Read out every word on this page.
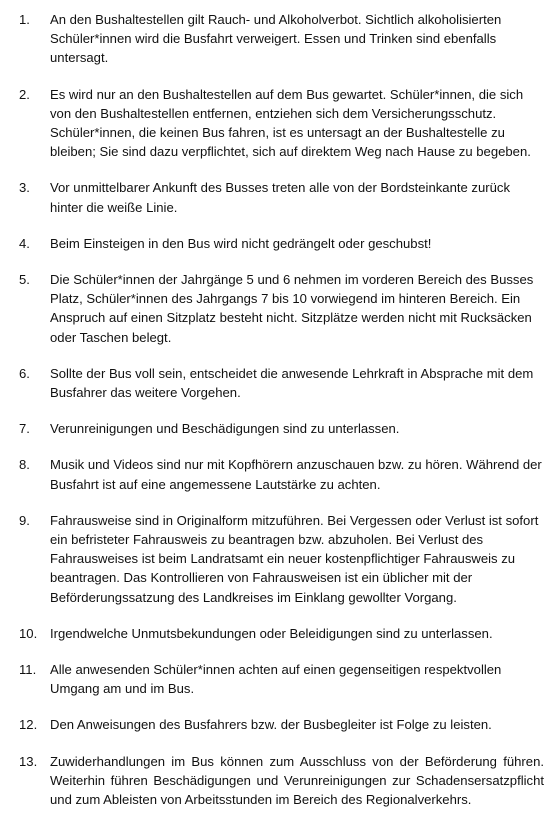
1. An den Bushaltestellen gilt Rauch- und Alkoholverbot. Sichtlich alkoholisierten Schüler*innen wird die Busfahrt verweigert. Essen und Trinken sind ebenfalls untersagt.
2. Es wird nur an den Bushaltestellen auf dem Bus gewartet. Schüler*innen, die sich von den Bushaltestellen entfernen, entziehen sich dem Versicherungsschutz. Schüler*innen, die keinen Bus fahren, ist es untersagt an der Bushaltestelle zu bleiben; Sie sind dazu verpflichtet, sich auf direktem Weg nach Hause zu begeben.
3. Vor unmittelbarer Ankunft des Busses treten alle von der Bordsteinkante zurück hinter die weiße Linie.
4. Beim Einsteigen in den Bus wird nicht gedrängelt oder geschubst!
5. Die Schüler*innen der Jahrgänge 5 und 6 nehmen im vorderen Bereich des Busses Platz, Schüler*innen des Jahrgangs 7 bis 10 vorwiegend im hinteren Bereich. Ein Anspruch auf einen Sitzplatz besteht nicht. Sitzplätze werden nicht mit Rucksäcken oder Taschen belegt.
6. Sollte der Bus voll sein, entscheidet die anwesende Lehrkraft in Absprache mit dem Busfahrer das weitere Vorgehen.
7. Verunreinigungen und Beschädigungen sind zu unterlassen.
8. Musik und Videos sind nur mit Kopfhörern anzuschauen bzw. zu hören. Während der Busfahrt ist auf eine angemessene Lautstärke zu achten.
9. Fahrausweise sind in Originalform mitzuführen. Bei Vergessen oder Verlust ist sofort ein befristeter Fahrausweis zu beantragen bzw. abzuholen. Bei Verlust des Fahrausweises ist beim Landratsamt ein neuer kostenpflichtiger Fahrausweis zu beantragen. Das Kontrollieren von Fahrausweisen ist ein üblicher mit der Beförderungssatzung des Landkreises im Einklang gewollter Vorgang.
10. Irgendwelche Unmutsbekundungen oder Beleidigungen sind zu unterlassen.
11. Alle anwesenden Schüler*innen achten auf einen gegenseitigen respektvollen Umgang am und im Bus.
12. Den Anweisungen des Busfahrers bzw. der Busbegleiter ist Folge zu leisten.
13. Zuwiderhandlungen im Bus können zum Ausschluss von der Beförderung führen. Weiterhin führen Beschädigungen und Verunreinigungen zur Schadensersatzpflicht und zum Ableisten von Arbeitsstunden im Bereich des Regionalverkehrs.
